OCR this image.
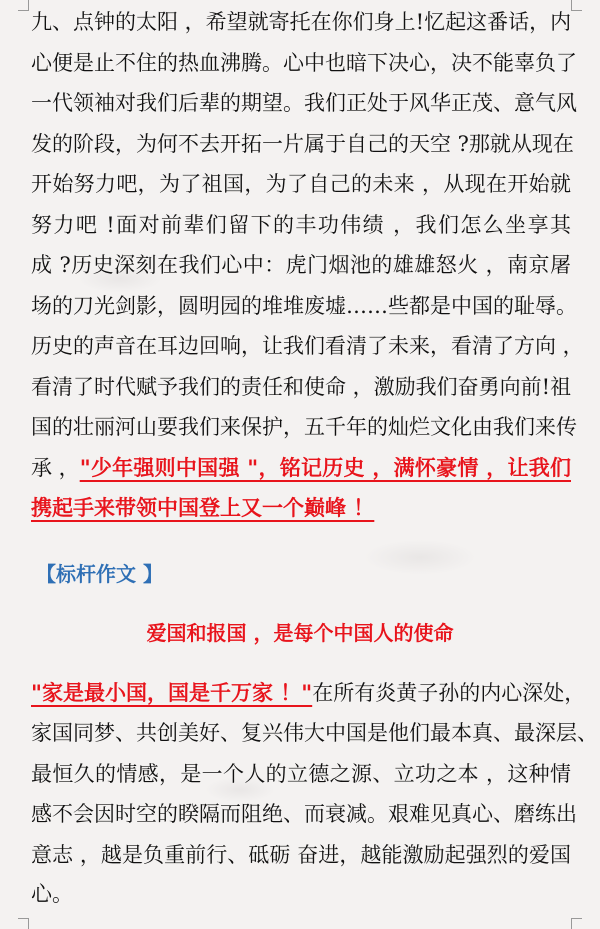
九、点钟的太阳 ，希望就寄托在你们身上!忆起这番话，内
心便是止不住的热血沸腾。心中也暗下决心，决不能辜负了
一代领袖对我们后辈的期望。我们正处于风华正茂、意气风
发的阶段，为何不去开拓一片属于自己的天空 ?那就从现在
开始努力吧，为了祖国，为了自己的未来 ，从现在开始就
努力吧 !面对前辈们留下的丰功伟绩 ，我们怎么坐享其
成 ?历史深刻在我们心中：虎门烟池的雄雄怒火 ，南京屠
场的刀光剑影，圆明园的堆堆废墟……些都是中国的耻辱。
历史的声音在耳边回响，让我们看清了未来，看清了方向 ，
看清了时代赋予我们的责任和使命 ，激励我们奋勇向前!祖
国的壮丽河山要我们来保护，五千年的灿烂文化由我们来传
承 ， "少年强则中国强 "，铭记历史 ，满怀豪情 ，让我们
携起手来带领中国登上又一个巅峰 ！
【标杆作文 】
爱国和报国 ，是每个中国人的使命
"家是最小国，国是千万家 ！" 在所有炎黄子孙的内心深处，
家国同梦、共创美好、复兴伟大中国是他们最本真、最深层、
最恒久的情感，是一个人的立德之源、立功之本 ，这种情
感不会因时空的睽隔而阻绝、而衰减。艰难见真心、磨练出
意志 ，越是负重前行、砥砺 奋进，越能激励起强烈的爱国
心。
